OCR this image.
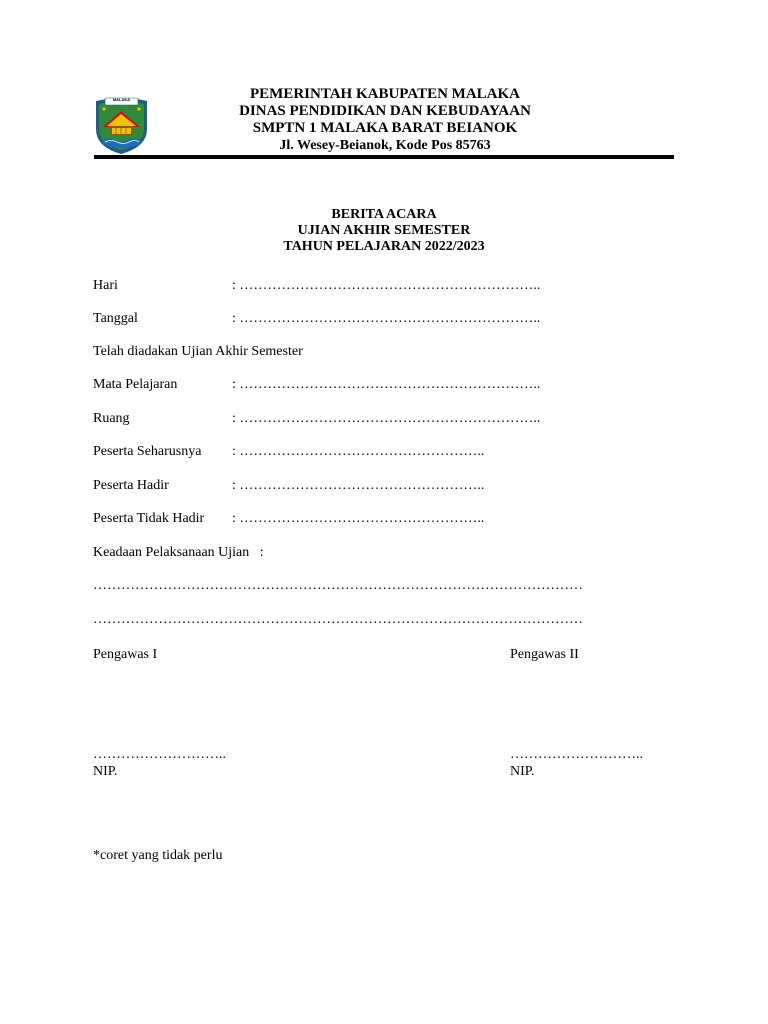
MALAKA	PEMERINTAH KABUPATEN MALAKA
DINAS PENDIDIKAN DAN KEBUDAYAAN
SMPTN 1 MALAKA BARAT BEIANOK
Jl. Wesey-Beianok, Kode Pos 85763
BERITA ACARA
UJIAN AKHIR SEMESTER
TAHUN PELAJARAN 2022/2023
Hari	: ………………………………………………………..
Tanggal	: ………………………………………………………..
Telah diadakan Ujian Akhir Semester
Mata Pelajaran	: ………………………………………………………..
Ruang	: ………………………………………………………..
Peserta Seharusnya : ……………………………………………..
Peserta Hadir	: ……………………………………………..
Peserta Tidak Hadir : ……………………………………………..
Keadaan Pelaksanaan Ujian :
……………………………………………………………………………………………
……………………………………………………………………………………………
Pengawas I	Pengawas II
………………………..	………………………..
NIP.	NIP.
*coret yang tidak perlu
